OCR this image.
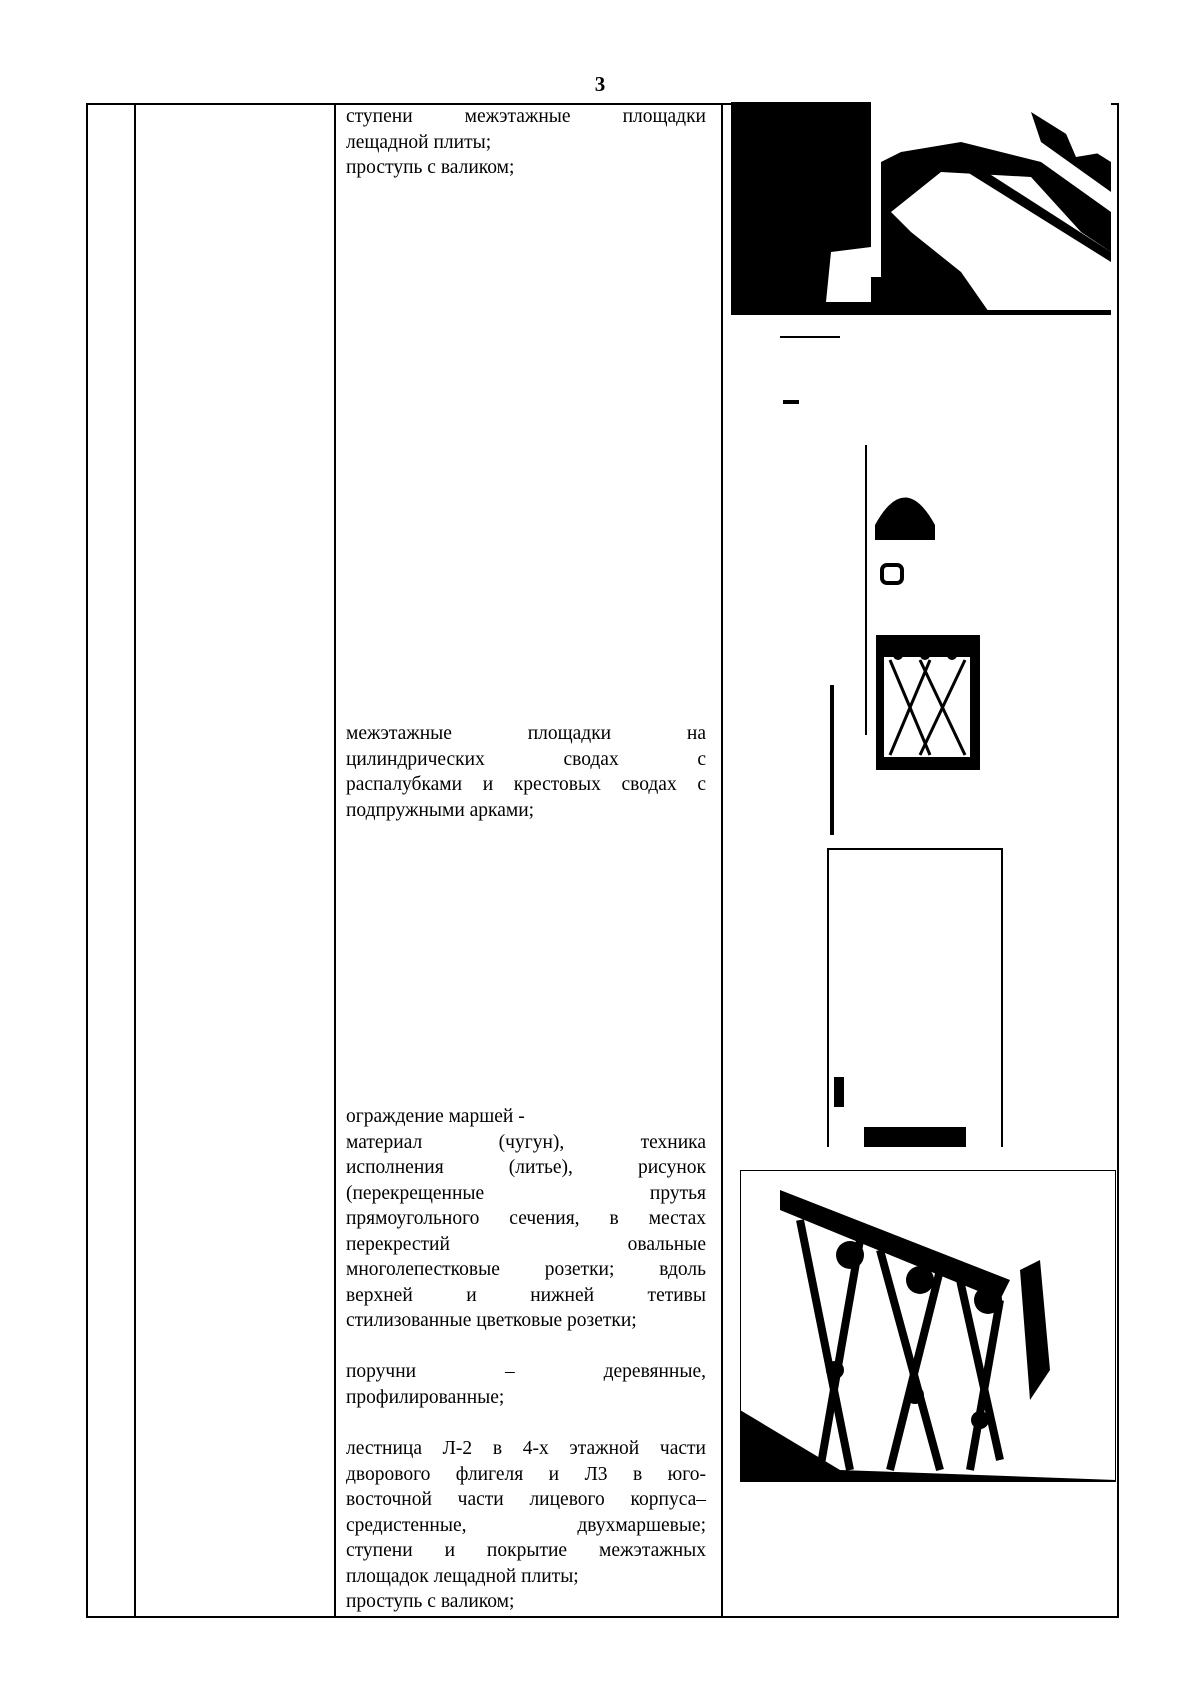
3

ступени межэтажные площадки

лещадной плиты;

проступь с валиком;

межэтажные площадки на

цилиндрических сводах с

распалубками и крестовых сводах с

подпружными арками;

ограждение маршей -

материал (чугун), техника

исполнения (литье), рисунок

(перекрещенные прутья

прямоугольного сечения, в местах

перекрестий овальные

многолепестковые розетки; вдоль

верхней и нижней тетивы

стилизованные цветковые розетки;

поручни – деревянные,

профилированные;

лестница Л-2 в 4-х этажной части

дворового флигеля и Л3 в юго-

восточной части лицевого корпуса–

средистенные, двухмаршевые;

ступени и покрытие межэтажных

площадок лещадной плиты;

проступь с валиком;
